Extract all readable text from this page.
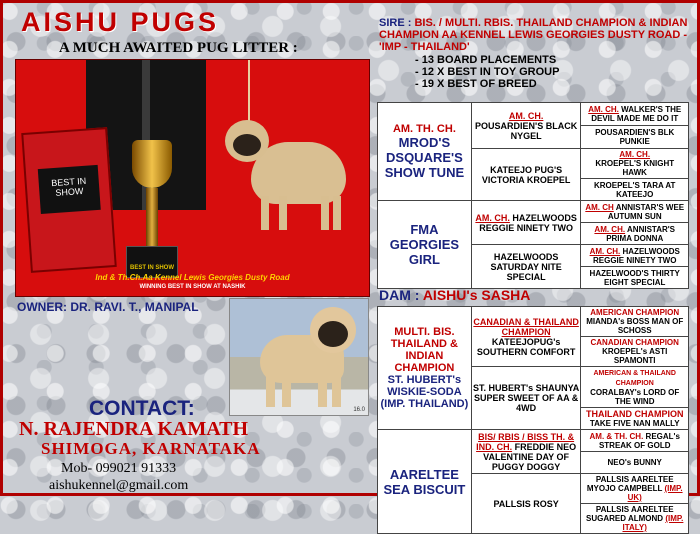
AISHU PUGS
A MUCH AWAITED PUG LITTER :
BEST IN SHOW
BEST IN SHOW
Ind & Th.Ch.Aa Kennel Lewis Georgies Dusty Road
WINNING BEST IN SHOW AT NASHIK
OWNER: DR. RAVI. T., MANIPAL
16.0
CONTACT:
N. RAJENDRA KAMATH
SHIMOGA, KARNATAKA
Mob- 099021 91333
aishukennel@gmail.com
SIRE : BIS. / MULTI. RBIS. THAILAND CHAMPION & INDIAN CHAMPION AA KENNEL LEWIS GEORGIES DUSTY ROAD - 'IMP - THAILAND'
- 13 BOARD PLACEMENTS
- 12 X BEST IN TOY GROUP
- 19 X BEST OF BREED
AM. TH. CH.
MROD'S DSQUARE'S SHOW TUNE	AM. CH.
POUSARDIEN'S BLACK NYGEL	AM. CH. WALKER'S THE DEVIL MADE ME DO IT
		POUSARDIEN'S BLK PUNKIE
	KATEEJO PUG'S VICTORIA KROEPEL	AM. CH.
KROEPEL'S KNIGHT HAWK
		KROEPEL'S TARA AT KATEEJO
FMA GEORGIES GIRL	AM. CH. HAZELWOODS REGGIE NINETY TWO	AM. CH ANNISTAR'S WEE AUTUMN SUN
		AM. CH. ANNISTAR'S PRIMA DONNA
	HAZELWOODS SATURDAY NITE SPECIAL	AM. CH. HAZELWOODS REGGIE NINETY TWO
		HAZELWOOD'S THIRTY EIGHT SPECIAL
DAM : AISHU's SASHA
MULTI. BIS. THAILAND & INDIAN CHAMPION
ST. HUBERT's WISKIE-SODA (IMP. THAILAND)	CANADIAN & THAILAND CHAMPION
KATEEJOPUG's SOUTHERN COMFORT	AMERICAN CHAMPION MIANDA's BOSS MAN OF SCHOSS
		CANADIAN CHAMPION
KROEPEL's ASTI SPAMONTI
	ST. HUBERT's SHAUNYA SUPER SWEET OF AA & 4WD	AMERICAN & THAILAND CHAMPION
CORALBAY's LORD OF THE WIND
		THAILAND CHAMPION
TAKE FIVE NAN MALLY
AARELTEE SEA BISCUIT	BIS/ RBIS / BISS TH. & IND. CH. FREDDIE NEO VALENTINE DAY OF PUGGY DOGGY	AM. & TH. CH. REGAL's STREAK OF GOLD
		NEO's BUNNY
	PALLSIS ROSY	PALLSIS AARELTEE MYOJO CAMPBELL (IMP. UK)
		PALLSIS AARELTEE SUGARED ALMOND (IMP. ITALY)
